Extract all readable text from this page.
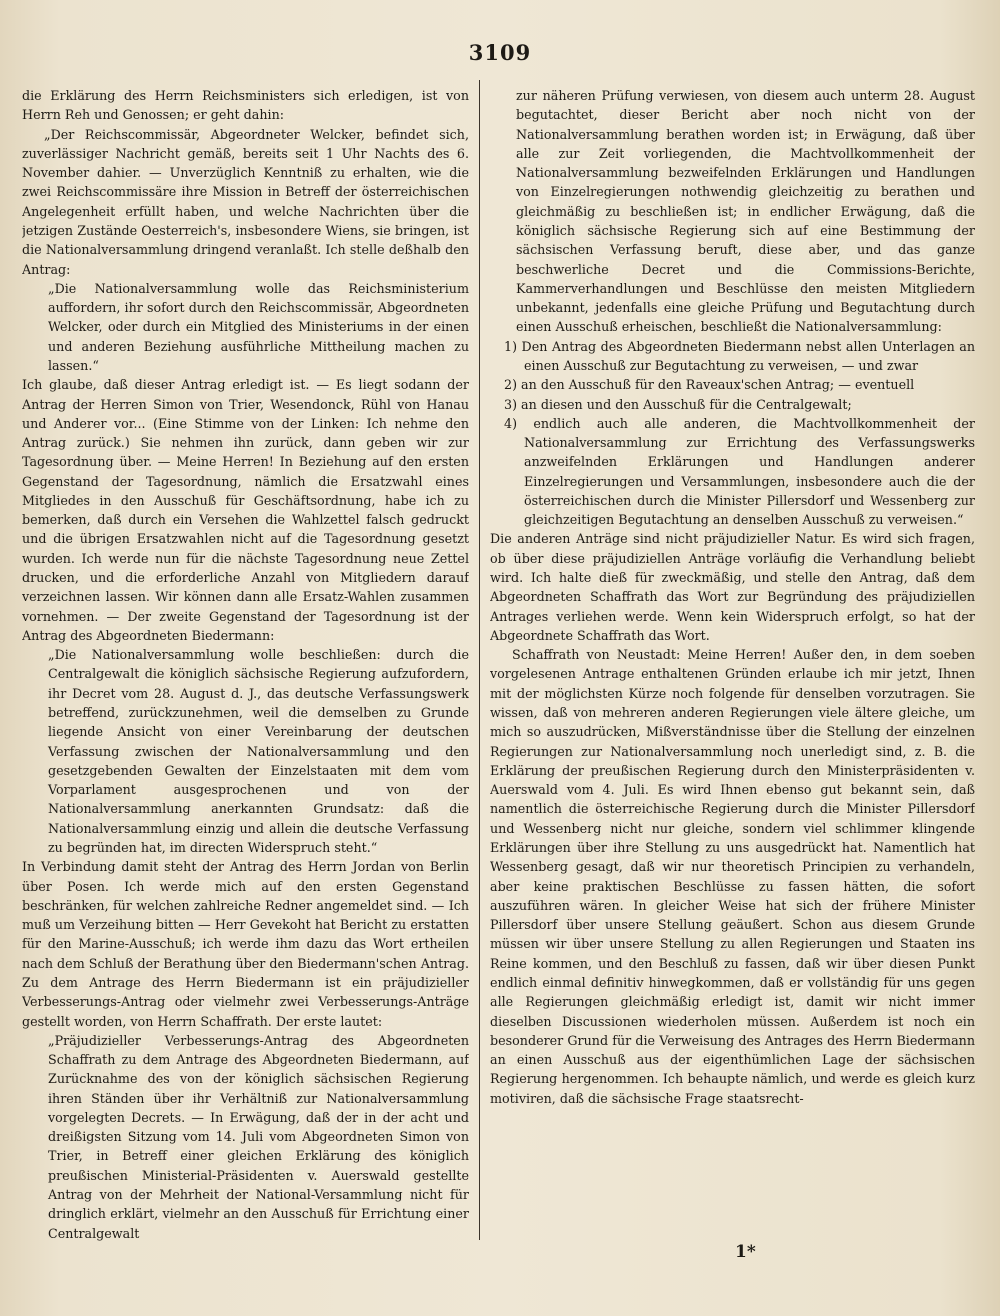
3109

die Erklärung des Herrn Reichsministers sich erledigen, ist von Herrn Reh und Genossen; er geht dahin:

„Der Reichscommissär, Abgeordneter Welcker, befindet sich, zuverlässiger Nachricht gemäß, bereits seit 1 Uhr Nachts des 6. November dahier. — Unverzüglich Kenntniß zu erhalten, wie die zwei Reichscommissäre ihre Mission in Betreff der österreichischen Angelegenheit erfüllt haben, und welche Nachrichten über die jetzigen Zustände Oesterreich's, insbesondere Wiens, sie bringen, ist die Nationalversammlung dringend veranlaßt. Ich stelle deßhalb den Antrag:

„Die Nationalversammlung wolle das Reichsministerium auffordern, ihr sofort durch den Reichscommissär, Abgeordneten Welcker, oder durch ein Mitglied des Ministeriums in der einen und anderen Beziehung ausführliche Mittheilung machen zu lassen.“

Ich glaube, daß dieser Antrag erledigt ist. — Es liegt sodann der Antrag der Herren Simon von Trier, Wesendonck, Rühl von Hanau und Anderer vor... (Eine Stimme von der Linken: Ich nehme den Antrag zurück.) Sie nehmen ihn zurück, dann geben wir zur Tagesordnung über. — Meine Herren! In Beziehung auf den ersten Gegenstand der Tagesordnung, nämlich die Ersatzwahl eines Mitgliedes in den Ausschuß für Geschäftsordnung, habe ich zu bemerken, daß durch ein Versehen die Wahlzettel falsch gedruckt und die übrigen Ersatzwahlen nicht auf die Tagesordnung gesetzt wurden. Ich werde nun für die nächste Tagesordnung neue Zettel drucken, und die erforderliche Anzahl von Mitgliedern darauf verzeichnen lassen. Wir können dann alle Ersatz-Wahlen zusammen vornehmen. — Der zweite Gegenstand der Tagesordnung ist der Antrag des Abgeordneten Biedermann:

„Die Nationalversammlung wolle beschließen: durch die Centralgewalt die königlich sächsische Regierung aufzufordern, ihr Decret vom 28. August d. J., das deutsche Verfassungswerk betreffend, zurückzunehmen, weil die demselben zu Grunde liegende Ansicht von einer Vereinbarung der deutschen Verfassung zwischen der Nationalversammlung und den gesetzgebenden Gewalten der Einzelstaaten mit dem vom Vorparlament ausgesprochenen und von der Nationalversammlung anerkannten Grundsatz: daß die Nationalversammlung einzig und allein die deutsche Verfassung zu begründen hat, im directen Widerspruch steht.“

In Verbindung damit steht der Antrag des Herrn Jordan von Berlin über Posen. Ich werde mich auf den ersten Gegenstand beschränken, für welchen zahlreiche Redner angemeldet sind. — Ich muß um Verzeihung bitten — Herr Gevekoht hat Bericht zu erstatten für den Marine-Ausschuß; ich werde ihm dazu das Wort ertheilen nach dem Schluß der Berathung über den Biedermann'schen Antrag. Zu dem Antrage des Herrn Biedermann ist ein präjudizieller Verbesserungs-Antrag oder vielmehr zwei Verbesserungs-Anträge gestellt worden, von Herrn Schaffrath. Der erste lautet:

„Präjudizieller Verbesserungs-Antrag des Abgeordneten Schaffrath zu dem Antrage des Abgeordneten Biedermann, auf Zurücknahme des von der königlich sächsischen Regierung ihren Ständen über ihr Verhältniß zur Nationalversammlung vorgelegten Decrets. — In Erwägung, daß der in der acht und dreißigsten Sitzung vom 14. Juli vom Abgeordneten Simon von Trier, in Betreff einer gleichen Erklärung des königlich preußischen Ministerial-Präsidenten v. Auerswald gestellte Antrag von der Mehrheit der National-Versammlung nicht für dringlich erklärt, vielmehr an den Ausschuß für Errichtung einer Centralgewalt

zur näheren Prüfung verwiesen, von diesem auch unterm 28. August begutachtet, dieser Bericht aber noch nicht von der Nationalversammlung berathen worden ist; in Erwägung, daß über alle zur Zeit vorliegenden, die Machtvollkommenheit der Nationalversammlung bezweifelnden Erklärungen und Handlungen von Einzelregierungen nothwendig gleichzeitig zu berathen und gleichmäßig zu beschließen ist; in endlicher Erwägung, daß die königlich sächsische Regierung sich auf eine Bestimmung der sächsischen Verfassung beruft, diese aber, und das ganze beschwerliche Decret und die Commissions-Berichte, Kammerverhandlungen und Beschlüsse den meisten Mitgliedern unbekannt, jedenfalls eine gleiche Prüfung und Begutachtung durch einen Ausschuß erheischen, beschließt die Nationalversammlung:

1) Den Antrag des Abgeordneten Biedermann nebst allen Unterlagen an einen Ausschuß zur Begutachtung zu verweisen, — und zwar

2) an den Ausschuß für den Raveaux'schen Antrag; — eventuell

3) an diesen und den Ausschuß für die Centralgewalt;

4) endlich auch alle anderen, die Machtvollkommenheit der Nationalversammlung zur Errichtung des Verfassungswerks anzweifelnden Erklärungen und Handlungen anderer Einzelregierungen und Versammlungen, insbesondere auch die der österreichischen durch die Minister Pillersdorf und Wessenberg zur gleichzeitigen Begutachtung an denselben Ausschuß zu verweisen.“

Die anderen Anträge sind nicht präjudizieller Natur. Es wird sich fragen, ob über diese präjudiziellen Anträge vorläufig die Verhandlung beliebt wird. Ich halte dieß für zweckmäßig, und stelle den Antrag, daß dem Abgeordneten Schaffrath das Wort zur Begründung des präjudiziellen Antrages verliehen werde. Wenn kein Widerspruch erfolgt, so hat der Abgeordnete Schaffrath das Wort.

Schaffrath von Neustadt: Meine Herren! Außer den, in dem soeben vorgelesenen Antrage enthaltenen Gründen erlaube ich mir jetzt, Ihnen mit der möglichsten Kürze noch folgende für denselben vorzutragen. Sie wissen, daß von mehreren anderen Regierungen viele ältere gleiche, um mich so auszudrücken, Mißverständnisse über die Stellung der einzelnen Regierungen zur Nationalversammlung noch unerledigt sind, z. B. die Erklärung der preußischen Regierung durch den Ministerpräsidenten v. Auerswald vom 4. Juli. Es wird Ihnen ebenso gut bekannt sein, daß namentlich die österreichische Regierung durch die Minister Pillersdorf und Wessenberg nicht nur gleiche, sondern viel schlimmer klingende Erklärungen über ihre Stellung zu uns ausgedrückt hat. Namentlich hat Wessenberg gesagt, daß wir nur theoretisch Principien zu verhandeln, aber keine praktischen Beschlüsse zu fassen hätten, die sofort auszuführen wären. In gleicher Weise hat sich der frühere Minister Pillersdorf über unsere Stellung geäußert. Schon aus diesem Grunde müssen wir über unsere Stellung zu allen Regierungen und Staaten ins Reine kommen, und den Beschluß zu fassen, daß wir über diesen Punkt endlich einmal definitiv hinwegkommen, daß er vollständig für uns gegen alle Regierungen gleichmäßig erledigt ist, damit wir nicht immer dieselben Discussionen wiederholen müssen. Außerdem ist noch ein besonderer Grund für die Verweisung des Antrages des Herrn Biedermann an einen Ausschuß aus der eigenthümlichen Lage der sächsischen Regierung hergenommen. Ich behaupte nämlich, und werde es gleich kurz motiviren, daß die sächsische Frage staatsrecht-

1*
